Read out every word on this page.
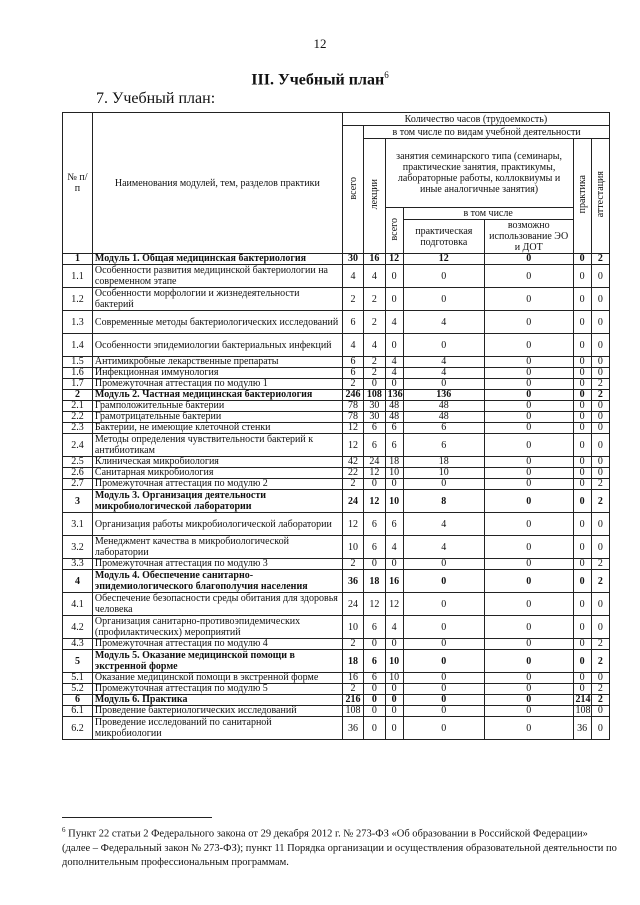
12
III. Учебный план$^6$
7. Учебный план:
№ п/п	Наименования модулей, тем, разделов практики	Количество часов (трудоемкость)						
		всего	в том числе по видам учебной деятельности					
			лекции	занятия семинарского типа (семинары, практические занятия, практикумы, лабораторные работы, коллоквиумы и иные аналогичные занятия)			практика	аттестация
				всего	в том числе			
					практическая подготовка	возможно использование ЭО и ДОТ		
1	Модуль 1. Общая медицинская бактериология	30	16	12	12	0	0	2
1.1	Особенности развития медицинской бактериологии на современном этапе	4	4	0	0	0	0	0
1.2	Особенности морфологии и жизнедеятельности бактерий	2	2	0	0	0	0	0
1.3	Современные методы бактериологических исследований	6	2	4	4	0	0	0
1.4	Особенности эпидемиологии бактериальных инфекций	4	4	0	0	0	0	0
1.5	Антимикробные лекарственные препараты	6	2	4	4	0	0	0
1.6	Инфекционная иммунология	6	2	4	4	0	0	0
1.7	Промежуточная аттестация по модулю 1	2	0	0	0	0	0	2
2	Модуль 2. Частная медицинская бактериология	246	108	136	136	0	0	2
2.1	Грамположительные бактерии	78	30	48	48	0	0	0
2.2	Грамотрицательные бактерии	78	30	48	48	0	0	0
2.3	Бактерии, не имеющие клеточной стенки	12	6	6	6	0	0	0
2.4	Методы определения чувствительности бактерий к антибиотикам	12	6	6	6	0	0	0
2.5	Клиническая микробиология	42	24	18	18	0	0	0
2.6	Санитарная микробиология	22	12	10	10	0	0	0
2.7	Промежуточная аттестация по модулю 2	2	0	0	0	0	0	2
3	Модуль 3. Организация деятельности микробиологической лаборатории	24	12	10	8	0	0	2
3.1	Организация работы микробиологической лаборатории	12	6	6	4	0	0	0
3.2	Менеджмент качества в микробиологической лаборатории	10	6	4	4	0	0	0
3.3	Промежуточная аттестация по модулю 3	2	0	0	0	0	0	2
4	Модуль 4. Обеспечение санитарно-эпидемиологического благополучия населения	36	18	16	0	0	0	2
4.1	Обеспечение безопасности среды обитания для здоровья человека	24	12	12	0	0	0	0
4.2	Организация санитарно-противоэпидемических (профилактических) мероприятий	10	6	4	0	0	0	0
4.3	Промежуточная аттестация по модулю 4	2	0	0	0	0	0	2
5	Модуль 5. Оказание медицинской помощи в экстренной форме	18	6	10	0	0	0	2
5.1	Оказание медицинской помощи в экстренной форме	16	6	10	0	0	0	0
5.2	Промежуточная аттестация по модулю 5	2	0	0	0	0	0	2
6	Модуль 6. Практика	216	0	0	0	0	214	2
6.1	Проведение бактериологических исследований	108	0	0	0	0	108	0
6.2	Проведение исследований по санитарной микробиологии	36	0	0	0	0	36	0
$^6$ Пункт 22 статьи 2 Федерального закона от 29 декабря 2012 г. № 273-ФЗ «Об образовании в Российской Федерации» (далее – Федеральный закон № 273-ФЗ); пункт 11 Порядка организации и осуществления образовательной деятельности по дополнительным профессиональным программам.
